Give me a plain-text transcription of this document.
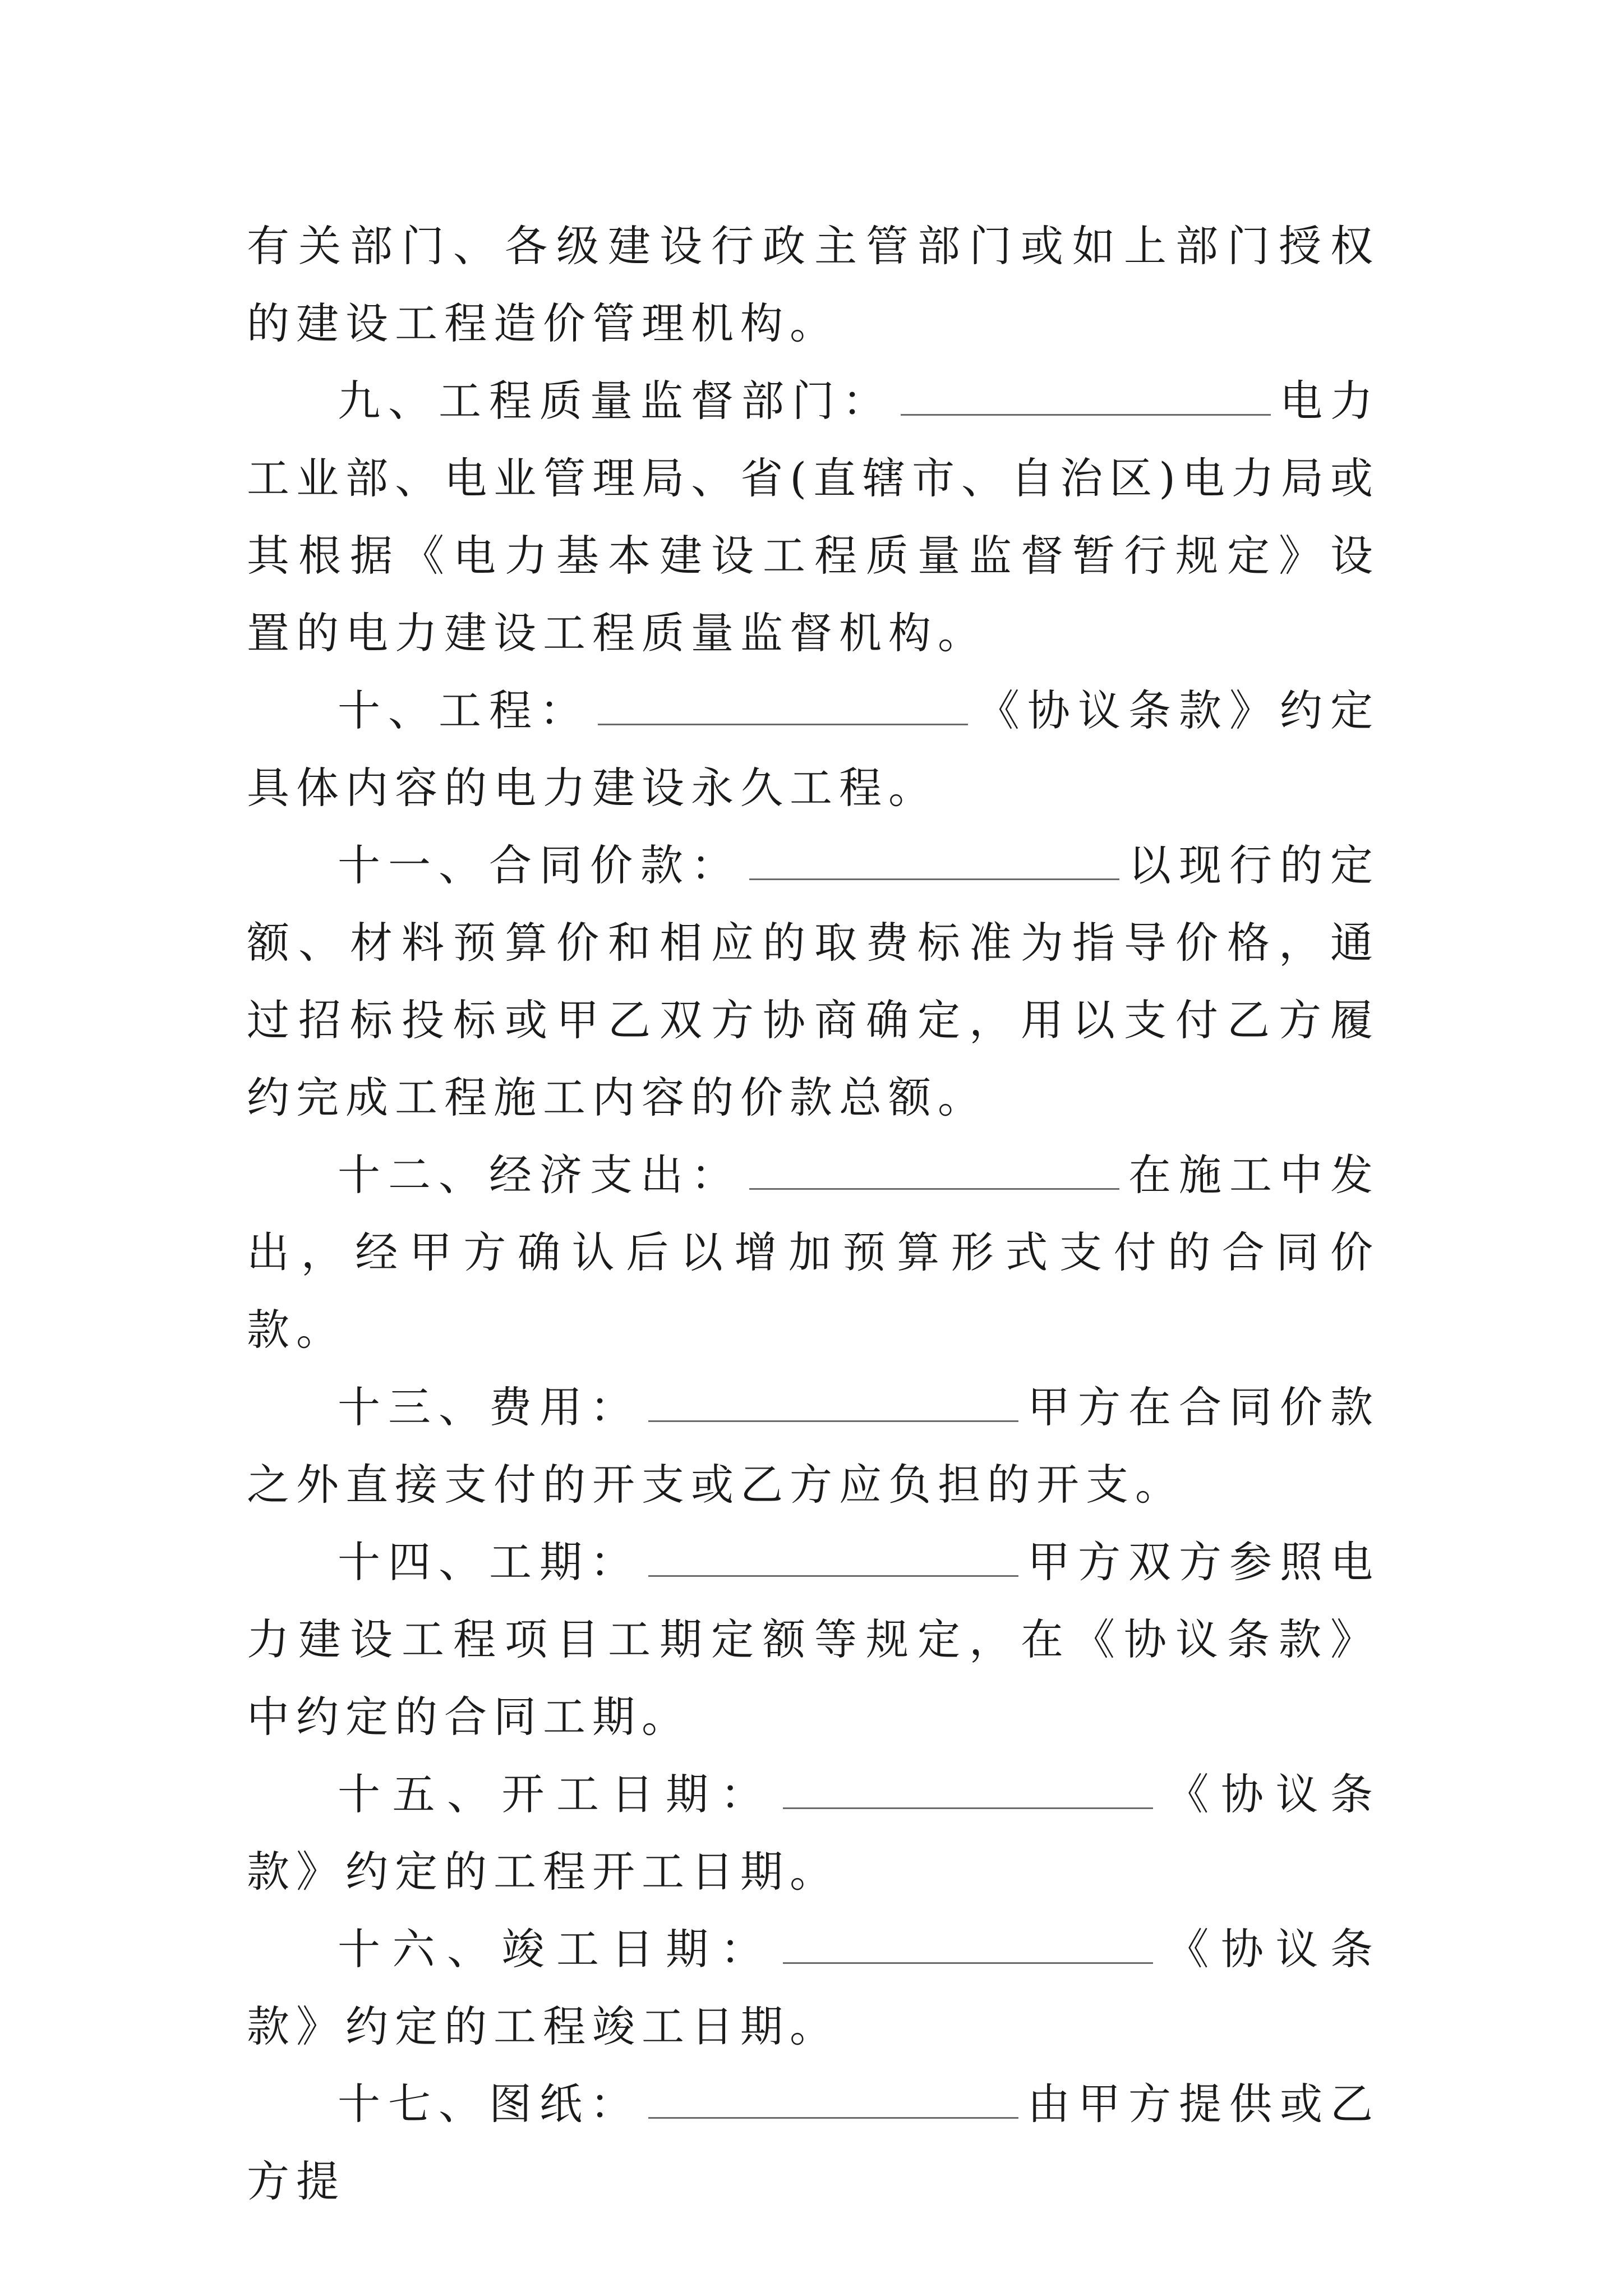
有关部门、各级建设行政主管部门或如上部门授权的建设工程造价管理机构。

九、工程质量监督部门：	电力工业部、电业管理局、省(直辖市、自治区)电力局或其根据《电力基本建设工程质量监督暂行规定》设置的电力建设工程质量监督机构。

十、工程：	《协议条款》约定具体内容的电力建设永久工程。

十一、合同价款：	以现行的定额、材料预算价和相应的取费标准为指导价格，通过招标投标或甲乙双方协商确定，用以支付乙方履约完成工程施工内容的价款总额。

十二、经济支出：	在施工中发出，经甲方确认后以增加预算形式支付的合同价款。

十三、费用：	甲方在合同价款之外直接支付的开支或乙方应负担的开支。

十四、工期：	甲方双方参照电力建设工程项目工期定额等规定，在《协议条款》中约定的合同工期。

十五、开工日期：	《协议条款》约定的工程开工日期。

十六、竣工日期：	《协议条款》约定的工程竣工日期。

十七、图纸：	由甲方提供或乙方提
